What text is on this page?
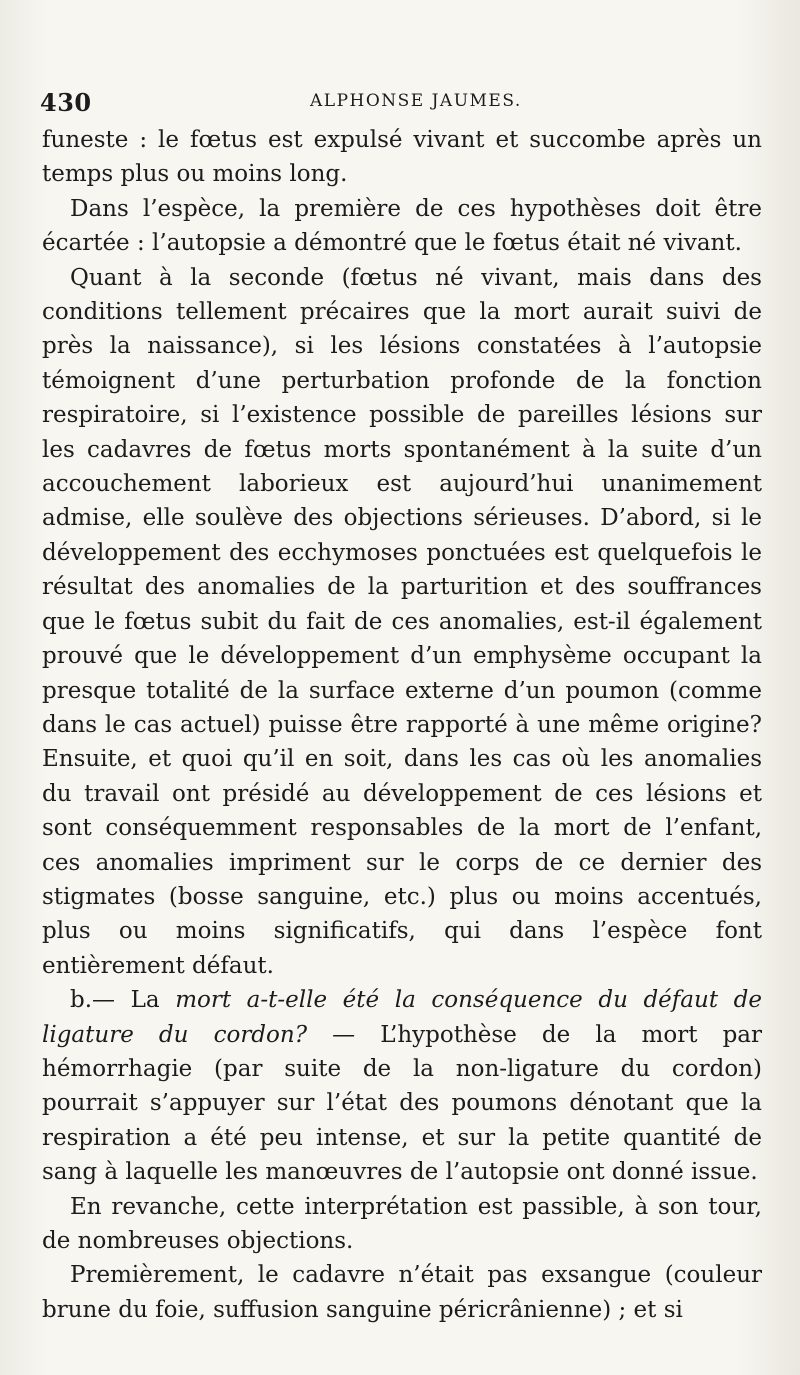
430	ALPHONSE JAUMES.

funeste : le fœtus est expulsé vivant et succombe après un temps plus ou moins long.

Dans l’espèce, la première de ces hypothèses doit être écartée : l’autopsie a démontré que le fœtus était né vivant.

Quant à la seconde (fœtus né vivant, mais dans des conditions tellement précaires que la mort aurait suivi de près la naissance), si les lésions constatées à l’autopsie témoignent d’une perturbation profonde de la fonction respiratoire, si l’existence possible de pareilles lésions sur les cadavres de fœtus morts spontanément à la suite d’un accouchement laborieux est aujourd’hui unanimement admise, elle soulève des objections sérieuses. D’abord, si le développement des ecchymoses ponctuées est quelquefois le résultat des anomalies de la parturition et des souffrances que le fœtus subit du fait de ces anomalies, est-il également prouvé que le développement d’un emphysème occupant la presque totalité de la surface externe d’un poumon (comme dans le cas actuel) puisse être rapporté à une même origine? Ensuite, et quoi qu’il en soit, dans les cas où les anomalies du travail ont présidé au développement de ces lésions et sont conséquemment responsables de la mort de l’enfant, ces anomalies impriment sur le corps de ce dernier des stigmates (bosse sanguine, etc.) plus ou moins accentués, plus ou moins significatifs, qui dans l’espèce font entièrement défaut.

b.— La mort a-t-elle été la conséquence du défaut de ligature du cordon? — L’hypothèse de la mort par hémorrhagie (par suite de la non-ligature du cordon) pourrait s’appuyer sur l’état des poumons dénotant que la respiration a été peu intense, et sur la petite quantité de sang à laquelle les manœuvres de l’autopsie ont donné issue.

En revanche, cette interprétation est passible, à son tour, de nombreuses objections.

Premièrement, le cadavre n’était pas exsangue (couleur brune du foie, suffusion sanguine péricrânienne) ; et si
